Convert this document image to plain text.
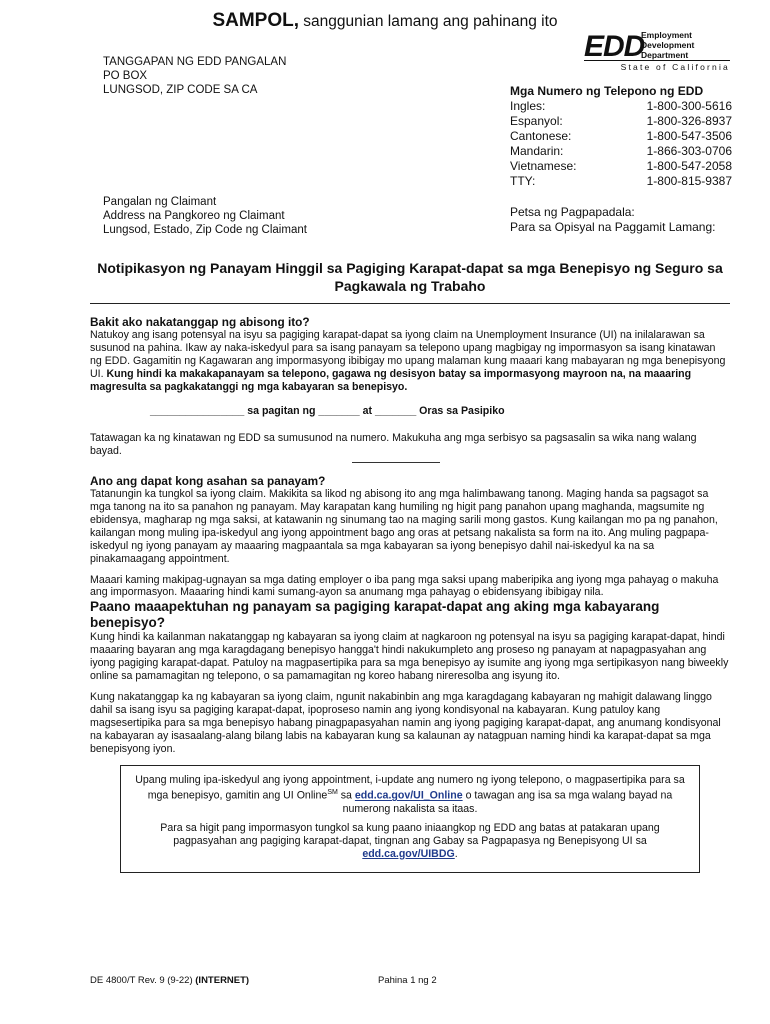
SAMPOL, sanggunian lamang ang pahinang ito
TANGGAPAN NG EDD PANGALAN
PO BOX
LUNGSOD, ZIP CODE SA CA
EDD
Employment
Development
Department
State of California
Mga Numero ng Telepono ng EDD
Ingles:	1-800-300-5616
Espanyol:	1-800-326-8937
Cantonese:	1-800-547-3506
Mandarin:	1-866-303-0706
Vietnamese:	1-800-547-2058
TTY:	1-800-815-9387
Pangalan ng Claimant
Address na Pangkoreo ng Claimant
Lungsod, Estado, Zip Code ng Claimant
Petsa ng Pagpapadala:
Para sa Opisyal na Paggamit Lamang:
Notipikasyon ng Panayam Hinggil sa Pagiging Karapat-dapat sa mga Benepisyo ng Seguro sa Pagkawala ng Trabaho

Bakit ako nakatanggap ng abisong ito?

Natukoy ang isang potensyal na isyu sa pagiging karapat-dapat sa iyong claim na Unemployment Insurance (UI) na inilalarawan sa susunod na pahina. Ikaw ay naka-iskedyul para sa isang panayam sa telepono upang magbigay ng impormasyon sa isang kinatawan ng EDD. Gagamitin ng Kagawaran ang impormasyong ibibigay mo upang malaman kung maaari kang mabayaran ng mga benepisyong UI. Kung hindi ka makakapanayam sa telepono, gagawa ng desisyon batay sa impormasyong mayroon na, na maaaring magresulta sa pagkakatanggi ng mga kabayaran sa benepisyo.

________________ sa pagitan ng _______ at _______ Oras sa Pasipiko

Tatawagan ka ng kinatawan ng EDD sa sumusunod na numero. Makukuha ang mga serbisyo sa pagsasalin sa wika nang walang bayad.

Ano ang dapat kong asahan sa panayam?

Tatanungin ka tungkol sa iyong claim. Makikita sa likod ng abisong ito ang mga halimbawang tanong. Maging handa sa pagsagot sa mga tanong na ito sa panahon ng panayam. May karapatan kang humiling ng higit pang panahon upang maghanda, magsumite ng ebidensya, magharap ng mga saksi, at katawanin ng sinumang tao na maging sarili mong gastos. Kung kailangan mo pa ng panahon, kailangan mong muling ipa-iskedyul ang iyong appointment bago ang oras at petsang nakalista sa form na ito. Ang muling pagpapa-iskedyul ng iyong panayam ay maaaring magpaantala sa mga kabayaran sa iyong benepisyo dahil nai-iskedyul ka na sa pinakamaagang appointment.

Maaari kaming makipag-ugnayan sa mga dating employer o iba pang mga saksi upang maberipika ang iyong mga pahayag o makuha ang impormasyon. Maaaring hindi kami sumang-ayon sa anumang mga pahayag o ebidensyang ibibigay nila.

Paano maaapektuhan ng panayam sa pagiging karapat-dapat ang aking mga kabayarang benepisyo?

Kung hindi ka kailanman nakatanggap ng kabayaran sa iyong claim at nagkaroon ng potensyal na isyu sa pagiging karapat-dapat, hindi maaaring bayaran ang mga karagdagang benepisyo hangga't hindi nakukumpleto ang proseso ng panayam at napagpasyahan ang iyong pagiging karapat-dapat. Patuloy na magpasertipika para sa mga benepisyo ay isumite ang iyong mga sertipikasyon nang biweekly online sa pamamagitan ng telepono, o sa pamamagitan ng koreo habang nireresolba ang isyung ito.

Kung nakatanggap ka ng kabayaran sa iyong claim, ngunit nakabinbin ang mga karagdagang kabayaran ng mahigit dalawang linggo dahil sa isang isyu sa pagiging karapat-dapat, ipoproseso namin ang iyong kondisyonal na kabayaran. Kung patuloy kang magsesertipika para sa mga benepisyo habang pinagpapasyahan namin ang iyong pagiging karapat-dapat, ang anumang kondisyonal na kabayaran ay isasaalang-alang bilang labis na kabayaran kung sa kalaunan ay natagpuan naming hindi ka karapat-dapat sa mga benepisyong iyon.

Upang muling ipa-iskedyul ang iyong appointment, i-update ang numero ng iyong telepono, o magpasertipika para sa mga benepisyo, gamitin ang UI Online℠ sa edd.ca.gov/UI_Online o tawagan ang isa sa mga walang bayad na numerong nakalista sa itaas.

Para sa higit pang impormasyon tungkol sa kung paano iniaangkop ng EDD ang batas at patakaran upang pagpasyahan ang pagiging karapat-dapat, tingnan ang Gabay sa Pagpapasya ng Benepisyong UI sa edd.ca.gov/UIBDG.

DE 4800/T Rev. 9 (9-22) (INTERNET)	Pahina 1 ng 2
